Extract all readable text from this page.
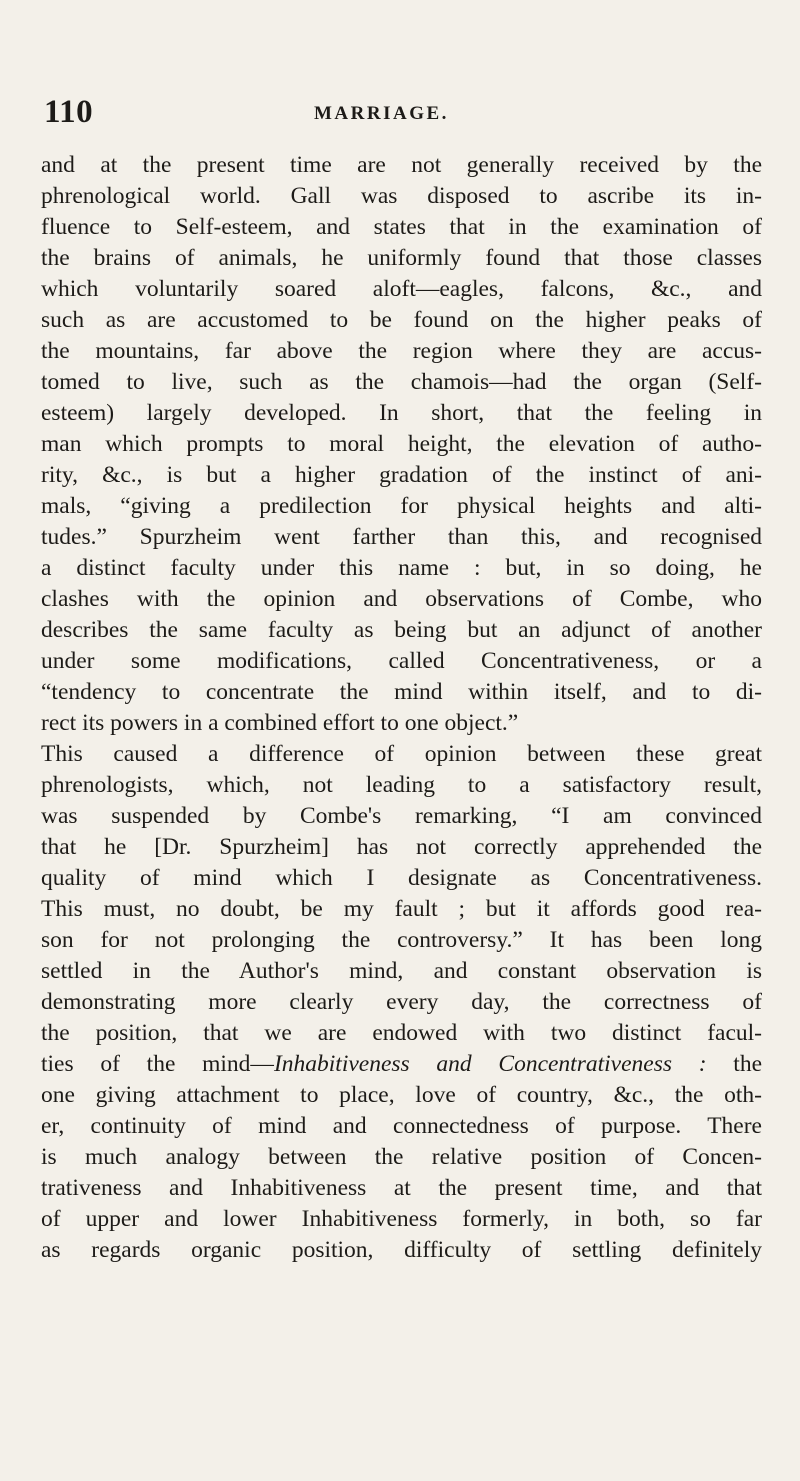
110	MARRIAGE.
and at the present time are not generally received by the
phrenological world. Gall was disposed to ascribe its in-
fluence to Self-esteem, and states that in the examination of
the brains of animals, he uniformly found that those classes
which voluntarily soared aloft—eagles, falcons, &c., and
such as are accustomed to be found on the higher peaks of
the mountains, far above the region where they are accus-
tomed to live, such as the chamois—had the organ (Self-
esteem) largely developed. In short, that the feeling in
man which prompts to moral height, the elevation of autho-
rity, &c., is but a higher gradation of the instinct of ani-
mals, “giving a predilection for physical heights and alti-
tudes.” Spurzheim went farther than this, and recognised
a distinct faculty under this name : but, in so doing, he
clashes with the opinion and observations of Combe, who
describes the same faculty as being but an adjunct of another
under some modifications, called Concentrativeness, or a
“tendency to concentrate the mind within itself, and to di-
rect its powers in a combined effort to one object.”
This caused a difference of opinion between these great
phrenologists, which, not leading to a satisfactory result,
was suspended by Combe's remarking, “I am convinced
that he [Dr. Spurzheim] has not correctly apprehended the
quality of mind which I designate as Concentrativeness.
This must, no doubt, be my fault ; but it affords good rea-
son for not prolonging the controversy.” It has been long
settled in the Author's mind, and constant observation is
demonstrating more clearly every day, the correctness of
the position, that we are endowed with two distinct facul-
ties of the mind—Inhabitiveness and Concentrativeness : the
one giving attachment to place, love of country, &c., the oth-
er, continuity of mind and connectedness of purpose. There
is much analogy between the relative position of Concen-
trativeness and Inhabitiveness at the present time, and that
of upper and lower Inhabitiveness formerly, in both, so far
as regards organic position, difficulty of settling definitely
